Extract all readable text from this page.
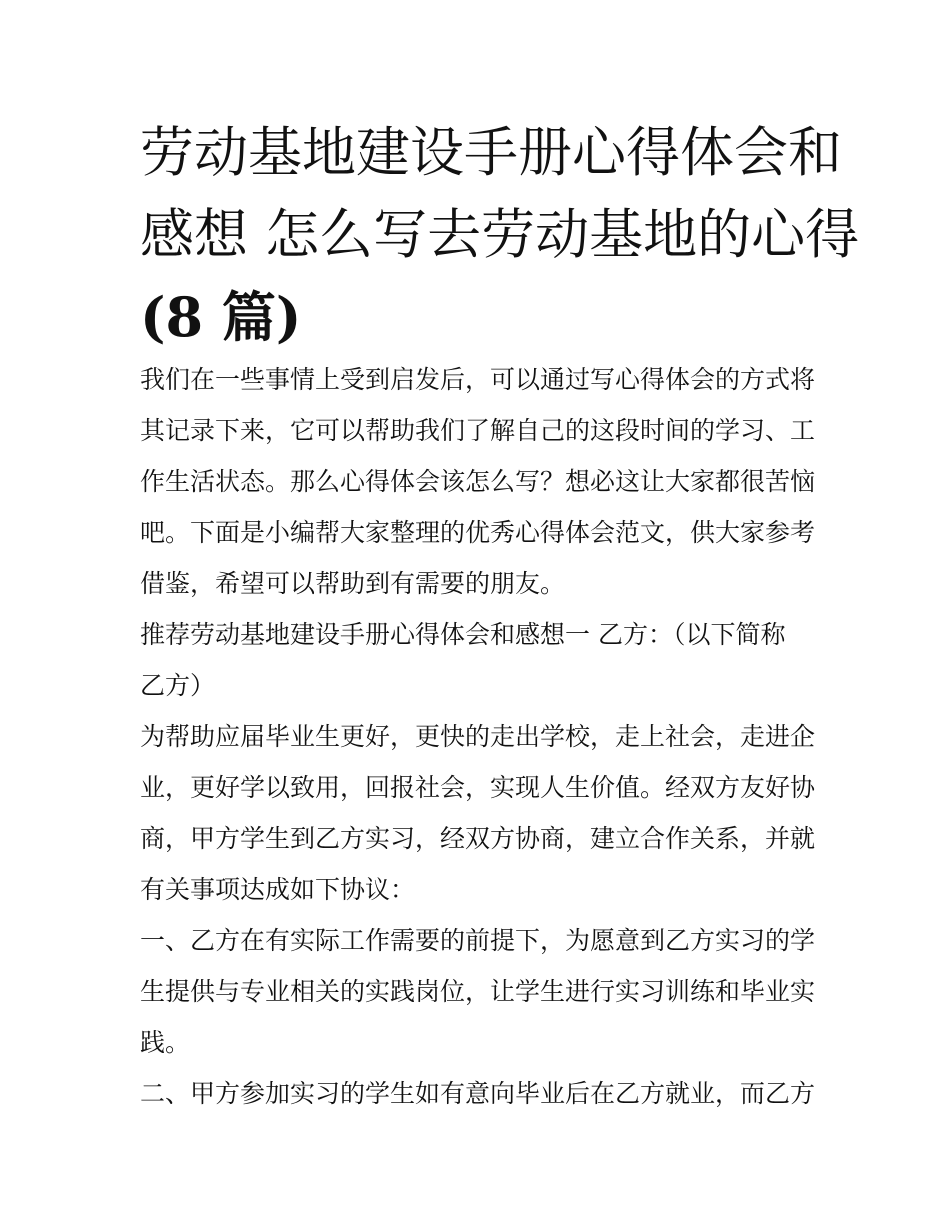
劳动基地建设手册心得体会和
感想 怎么写去劳动基地的心得
(8 篇)
我们在一些事情上受到启发后，可以通过写心得体会的方式将
其记录下来，它可以帮助我们了解自己的这段时间的学习、工
作生活状态。那么心得体会该怎么写？想必这让大家都很苦恼
吧。下面是小编帮大家整理的优秀心得体会范文，供大家参考
借鉴，希望可以帮助到有需要的朋友。
推荐劳动基地建设手册心得体会和感想一 乙方：（以下简称
乙方）
为帮助应届毕业生更好，更快的走出学校，走上社会，走进企
业，更好学以致用，回报社会，实现人生价值。经双方友好协
商，甲方学生到乙方实习，经双方协商，建立合作关系，并就
有关事项达成如下协议：
一、乙方在有实际工作需要的前提下，为愿意到乙方实习的学
生提供与专业相关的实践岗位，让学生进行实习训练和毕业实
践。
二、甲方参加实习的学生如有意向毕业后在乙方就业，而乙方
